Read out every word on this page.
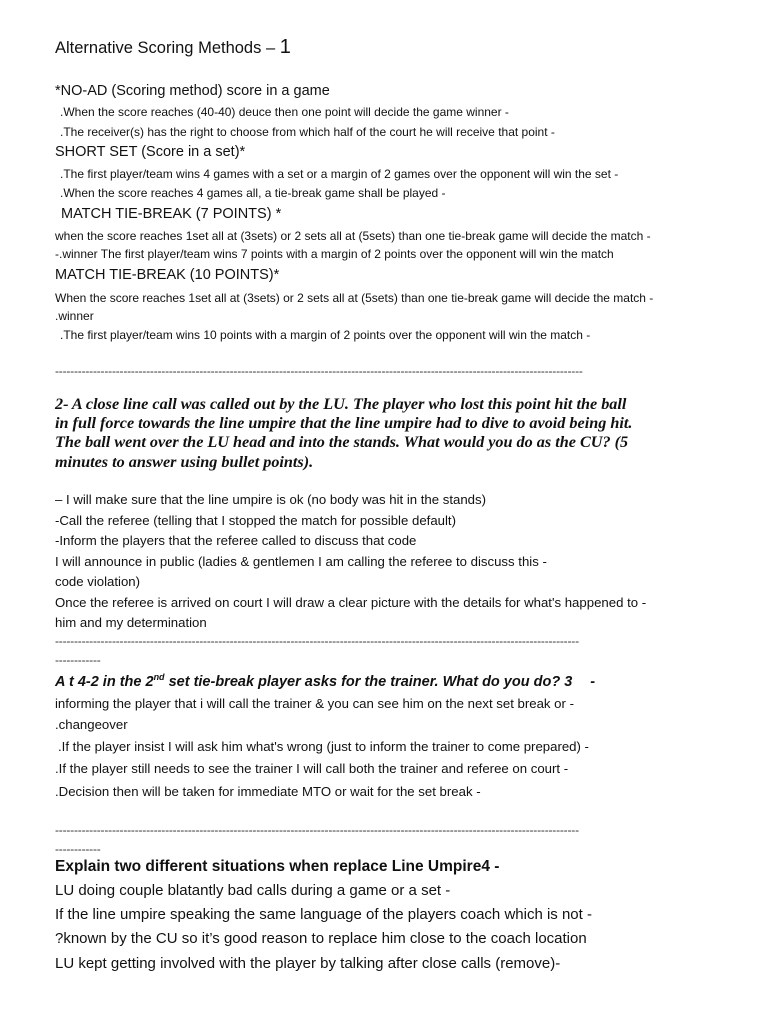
Alternative Scoring Methods – 1
*NO-AD (Scoring method) score in a game
.When the score reaches (40-40) deuce then one point will decide the game winner -
.The receiver(s) has the right to choose from which half of the court he will receive that point -
SHORT SET (Score in a set)*
.The first player/team wins 4 games with a set or a margin of 2 games over the opponent will win the set -
.When the score reaches 4 games all, a tie-break game shall be played -
MATCH TIE-BREAK (7 POINTS) *
when the score reaches 1set all at (3sets) or 2 sets all at (5sets) than one tie-break game will decide the match -
-.winner The first player/team wins 7 points with a margin of 2 points over the opponent will win the match
MATCH TIE-BREAK (10 POINTS)*
When the score reaches 1set all at (3sets) or 2 sets all at (5sets) than one tie-break game will decide the match -
.winner
.The first player/team wins 10 points with a margin of 2 points over the opponent will win the match -
-------------------------------------------------------------------------------------------------------------------------------------------
2- A close line call was called out by the LU. The player who lost this point hit the ball
in full force towards the line umpire that the line umpire had to dive to avoid being hit.
The ball went over the LU head and into the stands. What would you do as the CU? (5
minutes to answer using bullet points).
– I will make sure that the line umpire is ok (no body was hit in the stands)
-Call the referee (telling that I stopped the match for possible default)
-Inform the players that the referee called to discuss that code
I will announce in public (ladies & gentlemen I am calling the referee to discuss this -
code violation)
Once the referee is arrived on court I will draw a clear picture with the details for what's happened to -
him and my determination
------------------------------------------------------------------------------------------------------------------------------------------
------------
A t 4-2 in the 2nd set tie-break player asks for the trainer. What do you do? 3 -
informing the player that i will call the trainer & you can see him on the next set break or -
.changeover
.If the player insist I will ask him what's wrong (just to inform the trainer to come prepared) -
.If the player still needs to see the trainer I will call both the trainer and referee on court -
.Decision then will be taken for immediate MTO or wait for the set break -
------------------------------------------------------------------------------------------------------------------------------------------
------------
Explain two different situations when replace Line Umpire4 -
LU doing couple blatantly bad calls during a game or a set -
If the line umpire speaking the same language of the players coach which is not -
?known by the CU so it’s good reason to replace him close to the coach location
LU kept getting involved with the player by talking after close calls (remove)-
